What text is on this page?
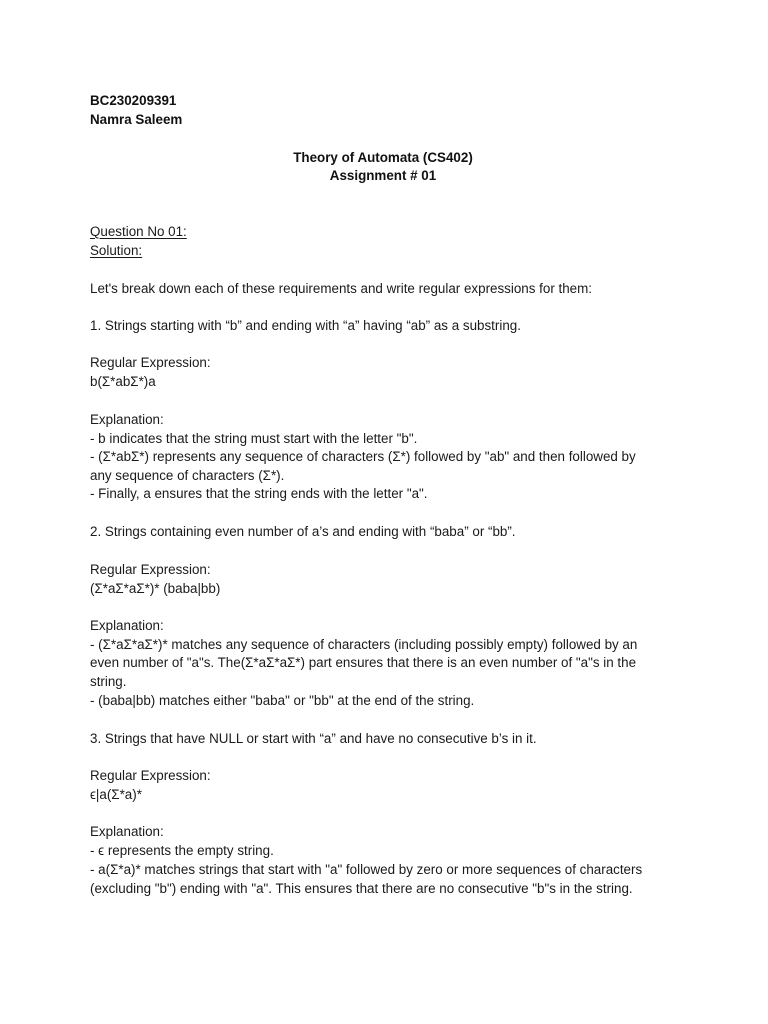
BC230209391
Namra Saleem
Theory of Automata (CS402)
Assignment # 01
Question No 01:
Solution:
Let's break down each of these requirements and write regular expressions for them:
1. Strings starting with “b” and ending with “a” having “ab” as a substring.
Regular Expression:
b(Σ*abΣ*)a
Explanation:
- b indicates that the string must start with the letter "b".
- (Σ*abΣ*) represents any sequence of characters (Σ*) followed by "ab" and then followed by
any sequence of characters (Σ*).
- Finally, a ensures that the string ends with the letter "a".
2. Strings containing even number of a’s and ending with “baba” or “bb”.
Regular Expression:
(Σ*aΣ*aΣ*)* (baba|bb)
Explanation:
- (Σ*aΣ*aΣ*)* matches any sequence of characters (including possibly empty) followed by an
even number of "a"s. The(Σ*aΣ*aΣ*) part ensures that there is an even number of "a"s in the
string.
- (baba|bb) matches either "baba" or "bb" at the end of the string.
3. Strings that have NULL or start with “a” and have no consecutive b’s in it.
Regular Expression:
ϵ|a(Σ*a)*
Explanation:
- ϵ represents the empty string.
- a(Σ*a)* matches strings that start with "a" followed by zero or more sequences of characters
(excluding "b") ending with "a". This ensures that there are no consecutive "b"s in the string.
